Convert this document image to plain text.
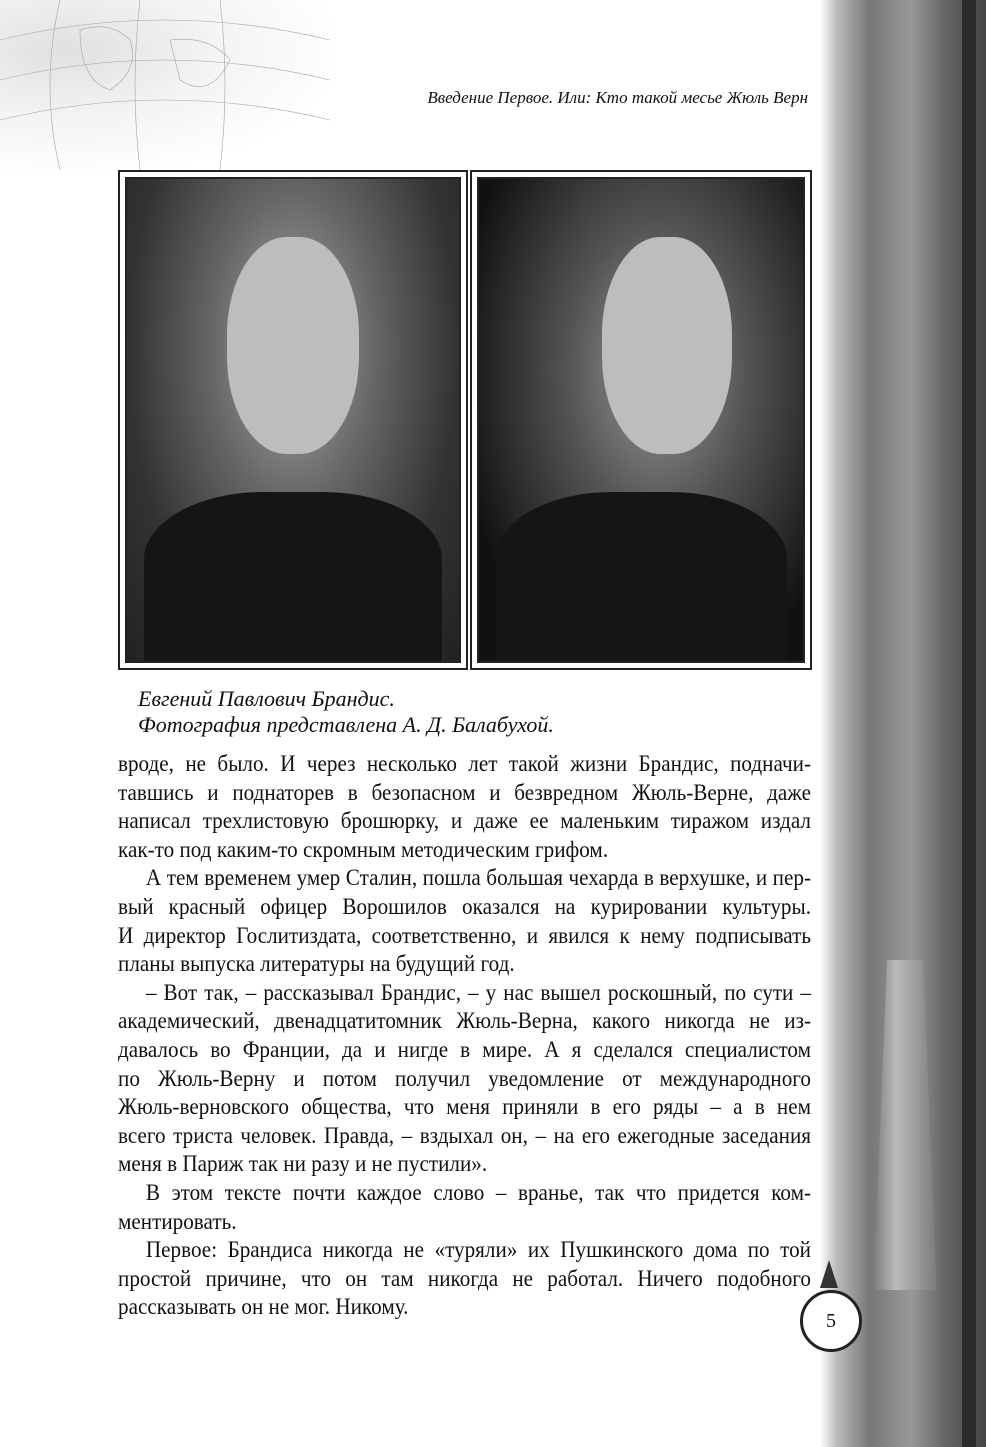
Введение Первое. Или: Кто такой месье Жюль Верн
Евгений Павлович Брандис.
Фотография представлена А. Д. Балабухой.
вроде, не было. И через несколько лет такой жизни Брандис, подначи-
тавшись и поднаторев в безопасном и безвредном Жюль-Верне, даже
написал трехлистовую брошюрку, и даже ее маленьким тиражом издал
как-то под каким-то скромным методическим грифом.
А тем временем умер Сталин, пошла большая чехарда в верхушке, и пер-
вый красный офицер Ворошилов оказался на курировании культуры.
И директор Гослитиздата, соответственно, и явился к нему подписывать
планы выпуска литературы на будущий год.
– Вот так, – рассказывал Брандис, – у нас вышел роскошный, по сути –
академический, двенадцатитомник Жюль-Верна, какого никогда не из-
давалось во Франции, да и нигде в мире. А я сделался специалистом
по Жюль-Верну и потом получил уведомление от международного
Жюль-верновского общества, что меня приняли в его ряды – а в нем
всего триста человек. Правда, – вздыхал он, – на его ежегодные заседания
меня в Париж так ни разу и не пустили».
В этом тексте почти каждое слово – вранье, так что придется ком-
ментировать.
Первое: Брандиса никогда не «туряли» их Пушкинского дома по той
простой причине, что он там никогда не работал. Ничего подобного
рассказывать он не мог. Никому.
5
